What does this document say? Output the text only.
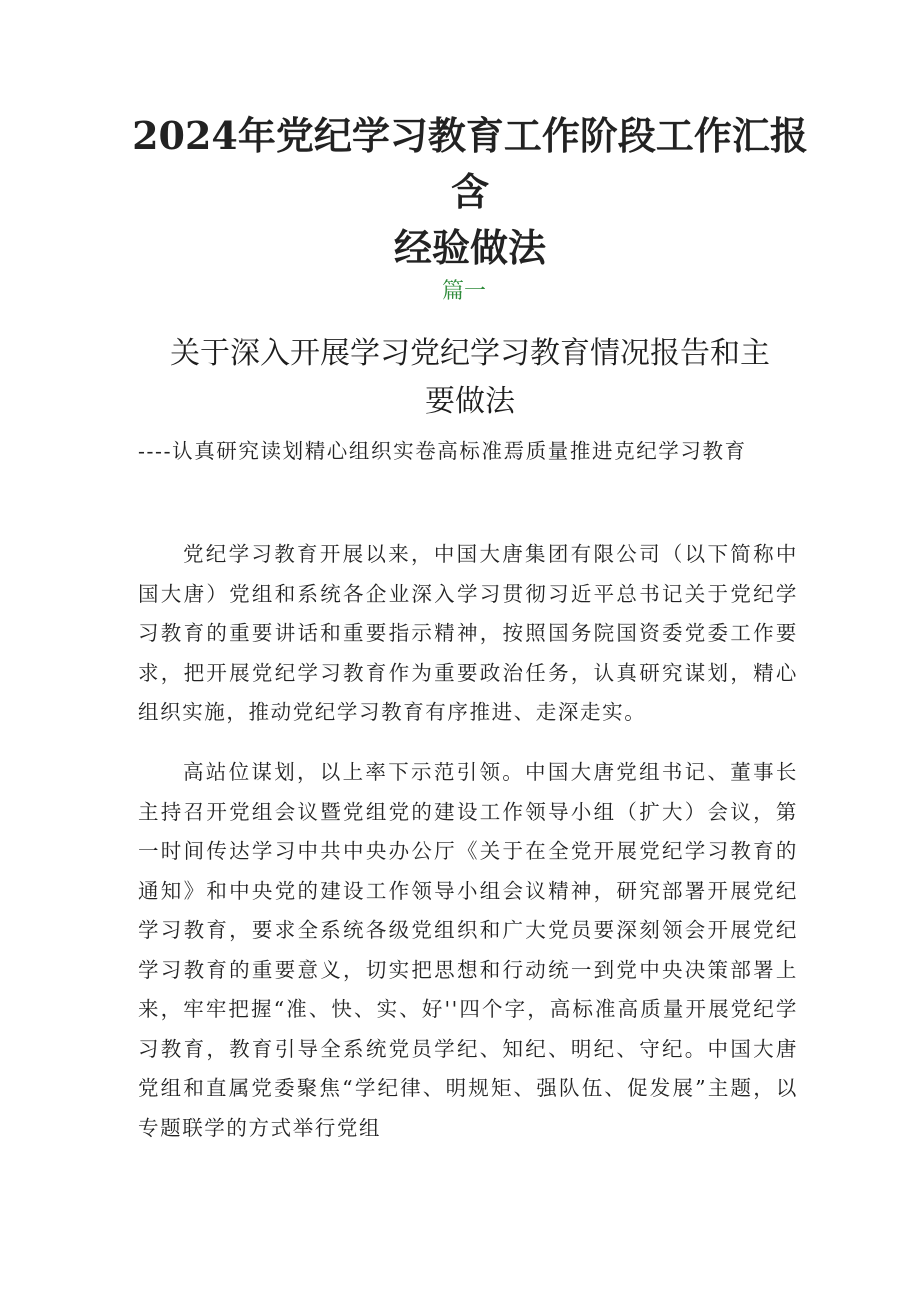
2024年党纪学习教育工作阶段工作汇报含
经验做法
篇一
关于深入开展学习党纪学习教育情况报告和主
要做法
----认真研究读划精心组织实卷高标准焉质量推进克纪学习教育
党纪学习教育开展以来，中国大唐集团有限公司（以下简称中国大唐）党组和系统各企业深入学习贯彻习近平总书记关于党纪学习教育的重要讲话和重要指示精神，按照国务院国资委党委工作要求，把开展党纪学习教育作为重要政治任务，认真研究谋划，精心组织实施，推动党纪学习教育有序推进、走深走实。
高站位谋划，以上率下示范引领。中国大唐党组书记、董事长主持召开党组会议暨党组党的建设工作领导小组（扩大）会议，第一时间传达学习中共中央办公厅《关于在全党开展党纪学习教育的通知》和中央党的建设工作领导小组会议精神，研究部署开展党纪学习教育，要求全系统各级党组织和广大党员要深刻领会开展党纪学习教育的重要意义，切实把思想和行动统一到党中央决策部署上来，牢牢把握“准、快、实、好''四个字，高标准高质量开展党纪学习教育，教育引导全系统党员学纪、知纪、明纪、守纪。中国大唐党组和直属党委聚焦“学纪律、明规矩、强队伍、促发展”主题，以专题联学的方式举行党组
